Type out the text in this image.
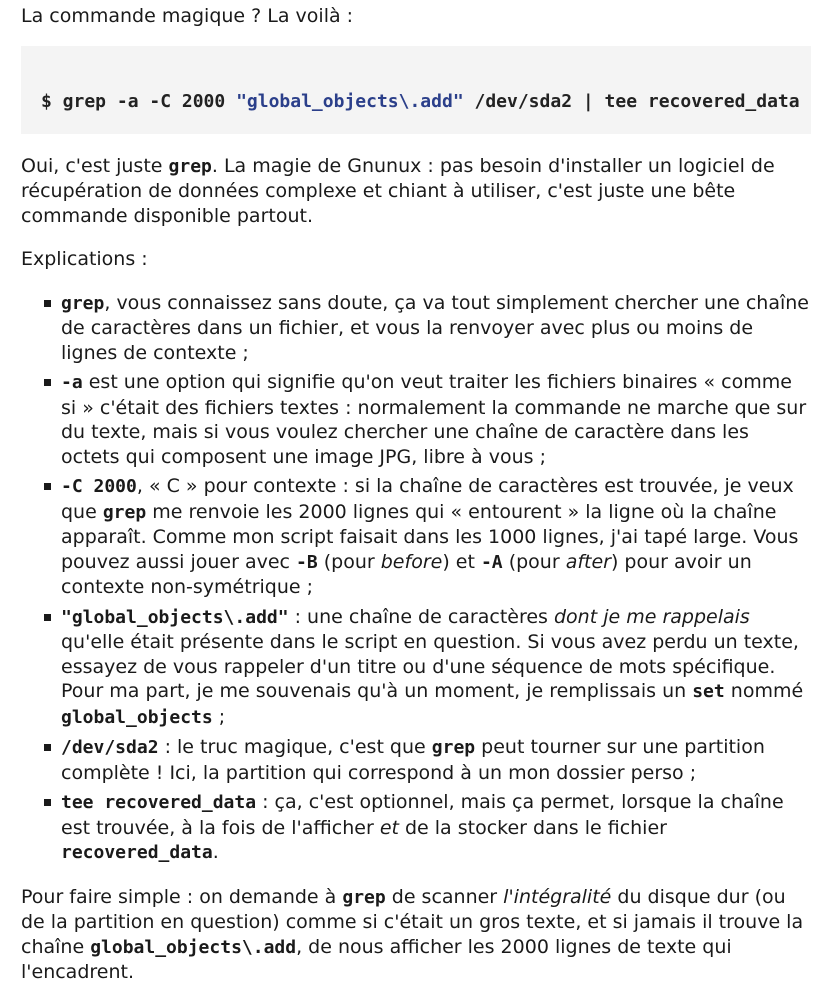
La commande magique ? La voilà :

$ grep -a -C 2000 "global_objects\.add" /dev/sda2 | tee recovered_data

Oui, c'est juste grep. La magie de Gnunux : pas besoin d'installer un logiciel de récupération de données complexe et chiant à utiliser, c'est juste une bête commande disponible partout.

Explications :

grep, vous connaissez sans doute, ça va tout simplement chercher une chaîne de caractères dans un fichier, et vous la renvoyer avec plus ou moins de lignes de contexte ;
-a est une option qui signifie qu'on veut traiter les fichiers binaires « comme si » c'était des fichiers textes : normalement la commande ne marche que sur du texte, mais si vous voulez chercher une chaîne de caractère dans les octets qui composent une image JPG, libre à vous ;
-C 2000, « C » pour contexte : si la chaîne de caractères est trouvée, je veux que grep me renvoie les 2000 lignes qui « entourent » la ligne où la chaîne apparaît. Comme mon script faisait dans les 1000 lignes, j'ai tapé large. Vous pouvez aussi jouer avec -B (pour before) et -A (pour after) pour avoir un contexte non-symétrique ;
"global_objects\.add" : une chaîne de caractères dont je me rappelais qu'elle était présente dans le script en question. Si vous avez perdu un texte, essayez de vous rappeler d'un titre ou d'une séquence de mots spécifique. Pour ma part, je me souvenais qu'à un moment, je remplissais un set nommé global_objects ;
/dev/sda2 : le truc magique, c'est que grep peut tourner sur une partition complète ! Ici, la partition qui correspond à un mon dossier perso ;
tee recovered_data : ça, c'est optionnel, mais ça permet, lorsque la chaîne est trouvée, à la fois de l'afficher et de la stocker dans le fichier recovered_data.

Pour faire simple : on demande à grep de scanner l'intégralité du disque dur (ou de la partition en question) comme si c'était un gros texte, et si jamais il trouve la chaîne global_objects\.add, de nous afficher les 2000 lignes de texte qui l'encadrent.
